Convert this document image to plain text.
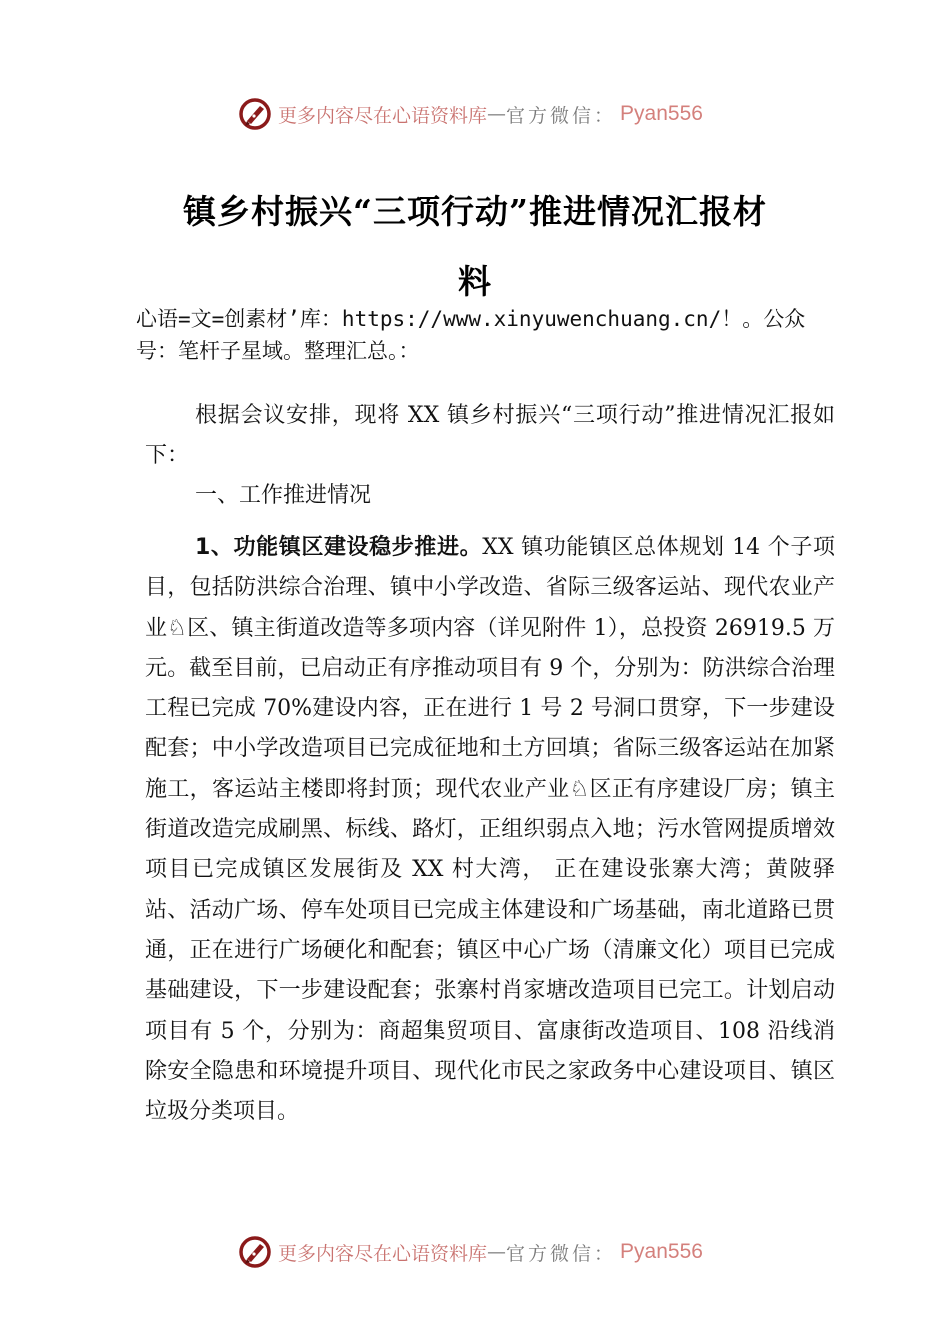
更多内容尽在心语资料库 — 官方微信： Pyan556
镇乡村振兴“三项行动”推进情况汇报材
料
心语=文=创素材’库：https://www.xinyuwenchuang.cn/！。公众号：笔杆子星域。整理汇总。：

根据会议安排，现将 XX 镇乡村振兴“三项行动”推进情况汇报如下：

一、工作推进情况

1、功能镇区建设稳步推进。XX 镇功能镇区总体规划 14 个子项目，包括防洪综合治理、镇中小学改造、省际三级客运站、现代农业产业♘区、镇主街道改造等多项内容（详见附件 1），总投资 26919.5 万元。截至目前，已启动正有序推动项目有 9 个，分别为：防洪综合治理工程已完成 70%建设内容，正在进行 1 号 2 号洞口贯穿，下一步建设配套；中小学改造项目已完成征地和土方回填；省际三级客运站在加紧施工，客运站主楼即将封顶；现代农业产业♘区正有序建设厂房；镇主街道改造完成刷黑、标线、路灯，正组织弱点入地；污水管网提质增效项目已完成镇区发展街及 XX 村大湾， 正在建设张寨大湾；黄陂驿站、活动广场、停车处项目已完成主体建设和广场基础，南北道路已贯通，正在进行广场硬化和配套；镇区中心广场（清廉文化）项目已完成基础建设，下一步建设配套；张寨村肖家塘改造项目已完工。计划启动项目有 5 个，分别为：商超集贸项目、富康街改造项目、108 沿线消除安全隐患和环境提升项目、现代化市民之家政务中心建设项目、镇区垃圾分类项目。

更多内容尽在心语资料库 — 官方微信： Pyan556
